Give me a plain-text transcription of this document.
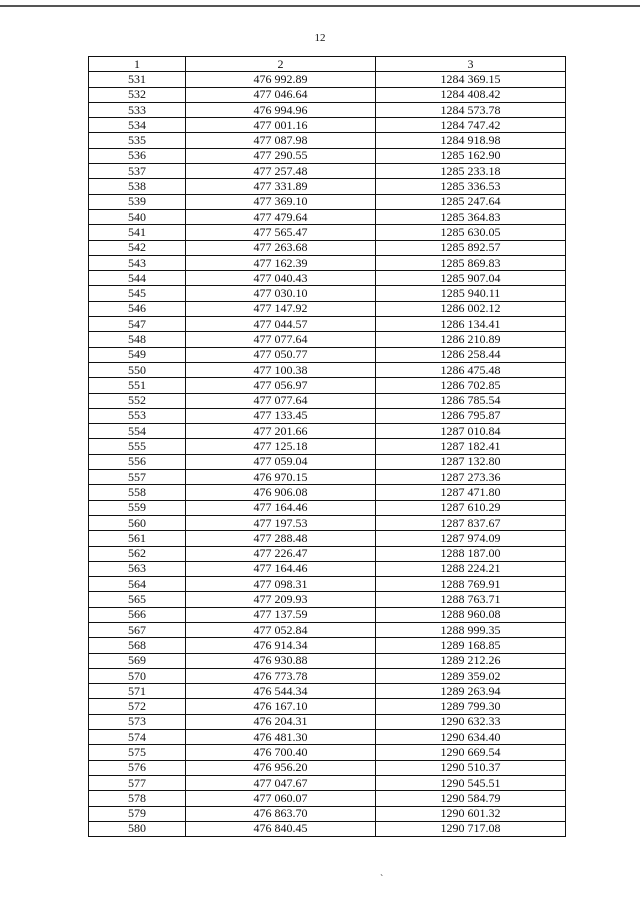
12
1	2	3
531	476 992.89	1284 369.15
532	477 046.64	1284 408.42
533	476 994.96	1284 573.78
534	477 001.16	1284 747.42
535	477 087.98	1284 918.98
536	477 290.55	1285 162.90
537	477 257.48	1285 233.18
538	477 331.89	1285 336.53
539	477 369.10	1285 247.64
540	477 479.64	1285 364.83
541	477 565.47	1285 630.05
542	477 263.68	1285 892.57
543	477 162.39	1285 869.83
544	477 040.43	1285 907.04
545	477 030.10	1285 940.11
546	477 147.92	1286 002.12
547	477 044.57	1286 134.41
548	477 077.64	1286 210.89
549	477 050.77	1286 258.44
550	477 100.38	1286 475.48
551	477 056.97	1286 702.85
552	477 077.64	1286 785.54
553	477 133.45	1286 795.87
554	477 201.66	1287 010.84
555	477 125.18	1287 182.41
556	477 059.04	1287 132.80
557	476 970.15	1287 273.36
558	476 906.08	1287 471.80
559	477 164.46	1287 610.29
560	477 197.53	1287 837.67
561	477 288.48	1287 974.09
562	477 226.47	1288 187.00
563	477 164.46	1288 224.21
564	477 098.31	1288 769.91
565	477 209.93	1288 763.71
566	477 137.59	1288 960.08
567	477 052.84	1288 999.35
568	476 914.34	1289 168.85
569	476 930.88	1289 212.26
570	476 773.78	1289 359.02
571	476 544.34	1289 263.94
572	476 167.10	1289 799.30
573	476 204.31	1290 632.33
574	476 481.30	1290 634.40
575	476 700.40	1290 669.54
576	476 956.20	1290 510.37
577	477 047.67	1290 545.51
578	477 060.07	1290 584.79
579	476 863.70	1290 601.32
580	476 840.45	1290 717.08
`
